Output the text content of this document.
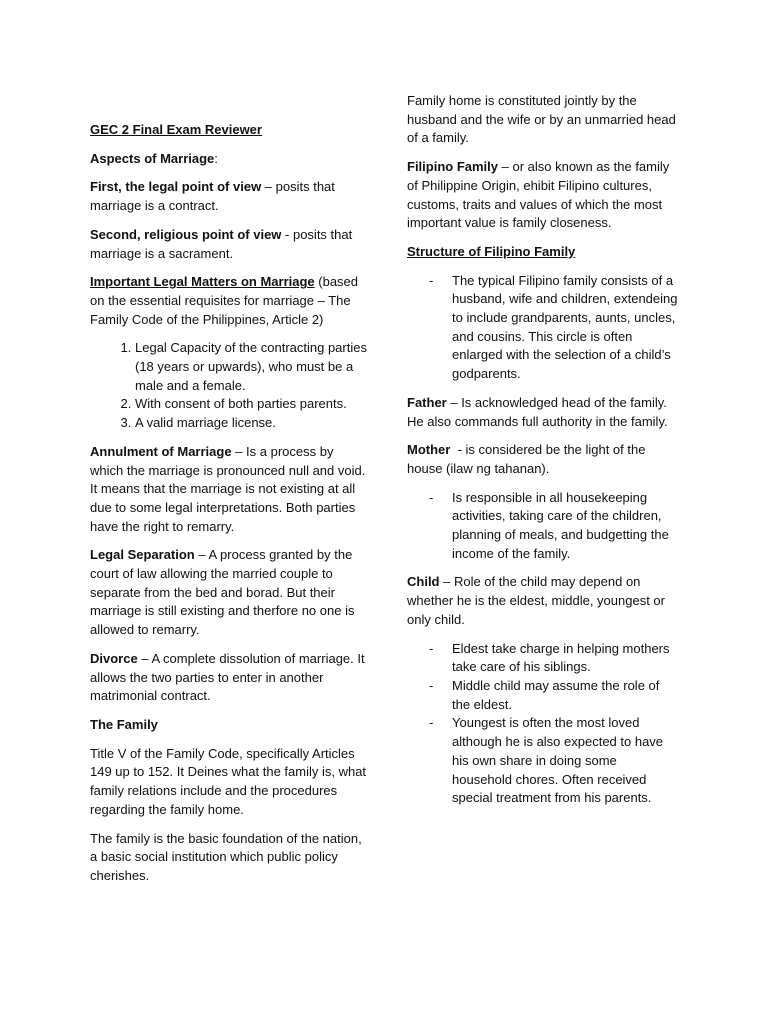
GEC 2 Final Exam Reviewer

Aspects of Marriage:

First, the legal point of view – posits that marriage is a contract.

Second, religious point of view - posits that marriage is a sacrament.

Important Legal Matters on Marriage (based on the essential requisites for marriage – The Family Code of the Philippines, Article 2)

1. Legal Capacity of the contracting parties (18 years or upwards), who must be a male and a female.
2. With consent of both parties parents.
3. A valid marriage license.

Annulment of Marriage – Is a process by which the marriage is pronounced null and void. It means that the marriage is not existing at all due to some legal interpretations. Both parties have the right to remarry.

Legal Separation – A process granted by the court of law allowing the married couple to separate from the bed and borad. But their marriage is still existing and therfore no one is allowed to remarry.

Divorce – A complete dissolution of marriage. It allows the two parties to enter in another matrimonial contract.

The Family

Title V of the Family Code, specifically Articles 149 up to 152. It Deines what the family is, what family relations include and the procedures regarding the family home.

The family is the basic foundation of the nation, a basic social institution which public policy cherishes.

Family home is constituted jointly by the husband and the wife or by an unmarried head of a family.

Filipino Family – or also known as the family of Philippine Origin, ehibit Filipino cultures, customs, traits and values of which the most important value is family closeness.

Structure of Filipino Family

- The typical Filipino family consists of a husband, wife and children, extendeing to include grandparents, aunts, uncles, and cousins. This circle is often enlarged with the selection of a child’s godparents.

Father – Is acknowledged head of the family. He also commands full authority in the family.

Mother  - is considered be the light of the house (ilaw ng tahanan).

- Is responsible in all housekeeping activities, taking care of the children, planning of meals, and budgetting the income of the family.

Child – Role of the child may depend on whether he is the eldest, middle, youngest or only child.

- Eldest take charge in helping mothers take care of his siblings.
- Middle child may assume the role of the eldest.
- Youngest is often the most loved although he is also expected to have his own share in doing some household chores. Often received special treatment from his parents.
